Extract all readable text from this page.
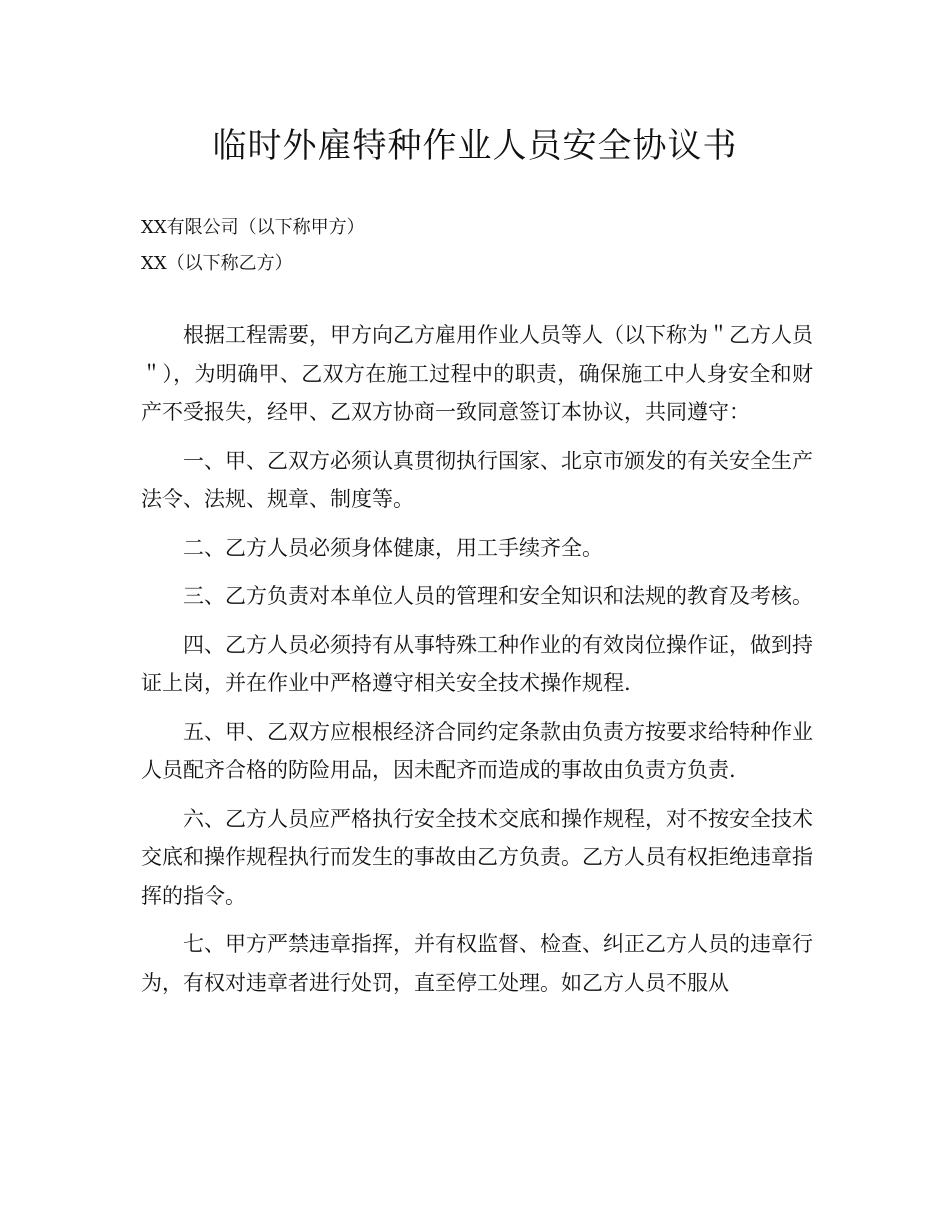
临时外雇特种作业人员安全协议书
XX有限公司（以下称甲方）
XX（以下称乙方）

根据工程需要，甲方向乙方雇用作业人员等人（以下称为＂乙方人员＂），为明确甲、乙双方在施工过程中的职责，确保施工中人身安全和财产不受报失，经甲、乙双方协商一致同意签订本协议，共同遵守：

一、甲、乙双方必须认真贯彻执行国家、北京市颁发的有关安全生产法令、法规、规章、制度等。

二、乙方人员必须身体健康，用工手续齐全。

三、乙方负责对本单位人员的管理和安全知识和法规的教育及考核。

四、乙方人员必须持有从事特殊工种作业的有效岗位操作证，做到持证上岗，并在作业中严格遵守相关安全技术操作规程.

五、甲、乙双方应根根经济合同约定条款由负责方按要求给特种作业人员配齐合格的防险用品，因未配齐而造成的事故由负责方负责.

六、乙方人员应严格执行安全技术交底和操作规程，对不按安全技术交底和操作规程执行而发生的事故由乙方负责。乙方人员有权拒绝违章指挥的指令。

七、甲方严禁违章指挥，并有权监督、检查、纠正乙方人员的违章行为，有权对违章者进行处罚，直至停工处理。如乙方人员不服从
